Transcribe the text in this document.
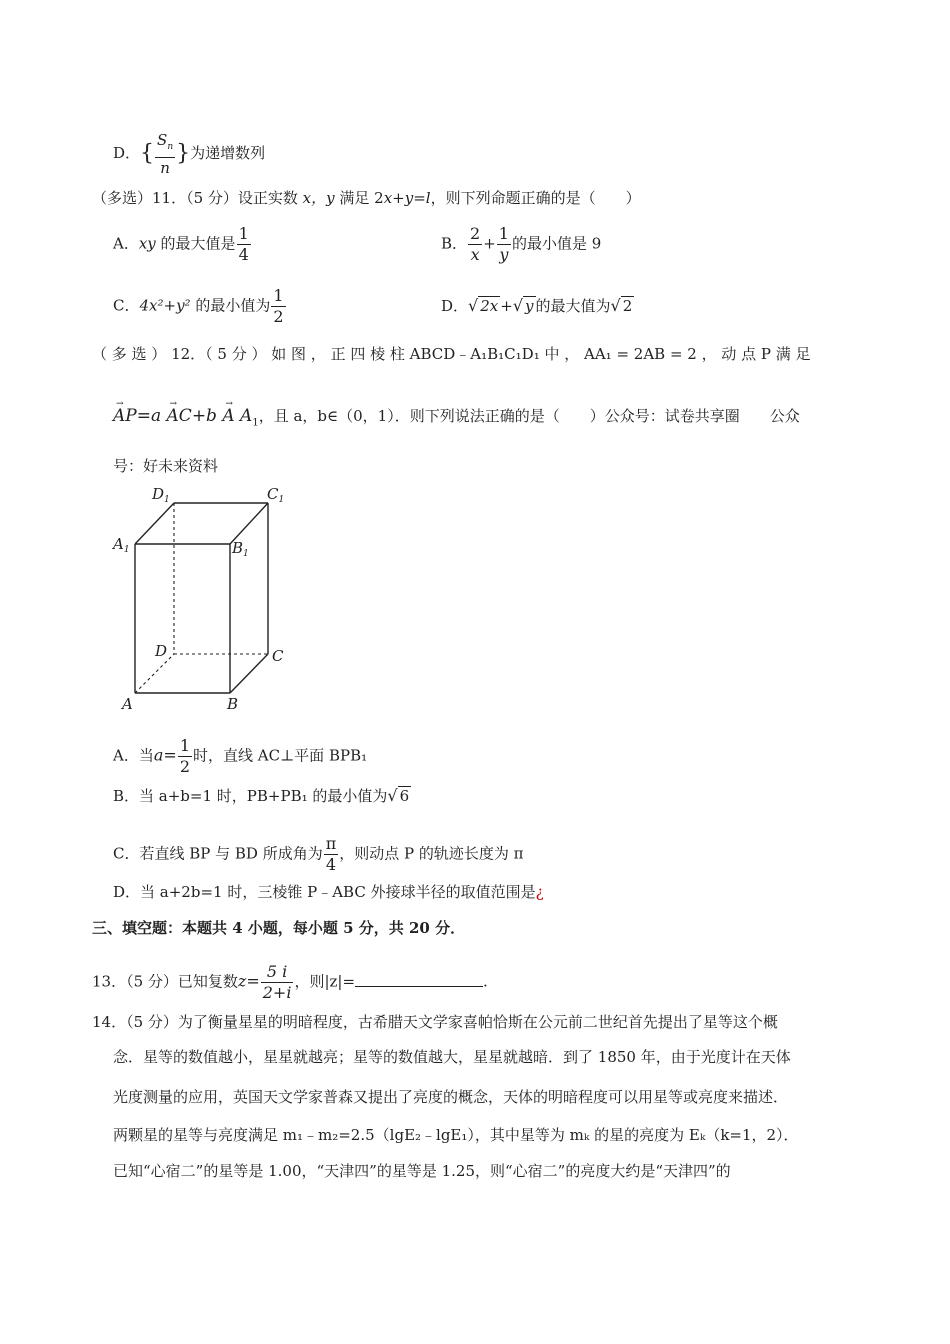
D．{ $\frac{S_n}{n}$ }为递增数列
（多选）11．（5 分）设正实数 x，y 满足 2x+y=l，则下列命题正确的是（　　）
A．xy 的最大值是 $\frac{1}{4}$	B． $\frac{2}{x} + \frac{1}{y}$ 的最小值是 9
C．4x²+y² 的最小值为 $\frac{1}{2}$	D．√ 2x +√ y 的最大值为√ 2
（ 多 选 ） 12．（ 5 分 ） 如 图 ， 正 四 棱 柱 ABCD﹣A₁B₁C₁D₁ 中 ， AA₁ = 2AB = 2 ， 动 点 P 满 足
→ AP=a → AC+b → A $A_1$，且 a，b∈（0，1）．则下列说法正确的是（　　）公众号：试卷共享圈　　公众
号：好未来资料
$D_1$	$C_1$
$A_1$	$B_1$
D	C
A	B
A．当$a= \frac{1}{2}$ 时，直线 AC⊥平面 BPB₁
B．当 a+b=1 时，PB+PB₁ 的最小值为√ 6
C．若直线 BP 与 BD 所成角为 $\frac{\pi}{4}$ ，则动点 P 的轨迹长度为 π
D．当 a+2b=1 时，三棱锥 P﹣ABC 外接球半径的取值范围是¿
三、填空题：本题共 4 小题，每小题 5 分，共 20 分．
13．（5 分）已知复数$z= \frac{5 i}{2+i}$ ，则|z|=	.
14．（5 分）为了衡量星星的明暗程度，古希腊天文学家喜帕恰斯在公元前二世纪首先提出了星等这个概
念．星等的数值越小，星星就越亮；星等的数值越大，星星就越暗．到了 1850 年，由于光度计在天体
光度测量的应用，英国天文学家普森又提出了亮度的概念，天体的明暗程度可以用星等或亮度来描述．
两颗星的星等与亮度满足 m₁﹣m₂=2.5（lgE₂﹣lgE₁），其中星等为 mₖ 的星的亮度为 Eₖ（k=1，2）．
已知“心宿二”的星等是 1.00，“天津四”的星等是 1.25，则“心宿二”的亮度大约是“天津四”的
